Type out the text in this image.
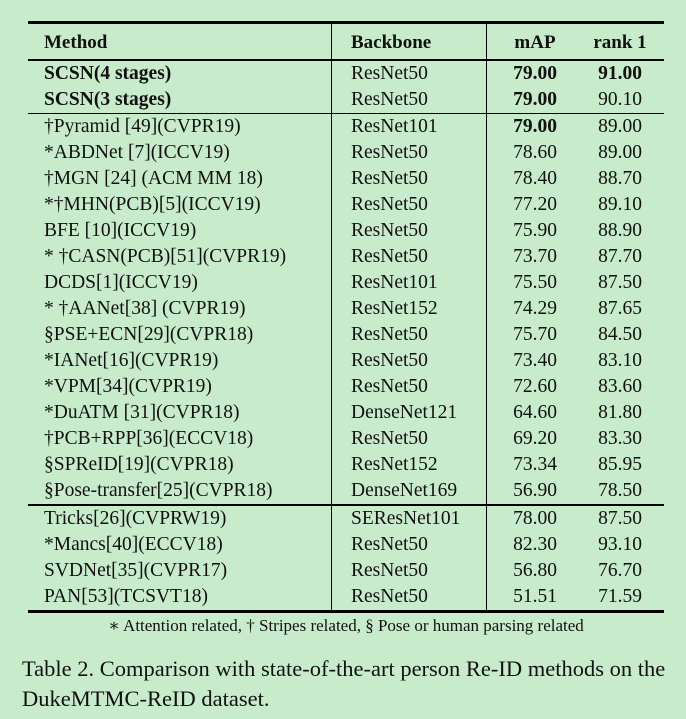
Method	Backbone	mAP	rank 1
SCSN(4 stages)	ResNet50	79.00	91.00
SCSN(3 stages)	ResNet50	79.00	90.10
†Pyramid [49](CVPR19)	ResNet101	79.00	89.00
*ABDNet [7](ICCV19)	ResNet50	78.60	89.00
†MGN [24] (ACM MM 18)	ResNet50	78.40	88.70
*†MHN(PCB)[5](ICCV19)	ResNet50	77.20	89.10
BFE [10](ICCV19)	ResNet50	75.90	88.90
* †CASN(PCB)[51](CVPR19)	ResNet50	73.70	87.70
DCDS[1](ICCV19)	ResNet101	75.50	87.50
* †AANet[38] (CVPR19)	ResNet152	74.29	87.65
§PSE+ECN[29](CVPR18)	ResNet50	75.70	84.50
*IANet[16](CVPR19)	ResNet50	73.40	83.10
*VPM[34](CVPR19)	ResNet50	72.60	83.60
*DuATM [31](CVPR18)	DenseNet121	64.60	81.80
†PCB+RPP[36](ECCV18)	ResNet50	69.20	83.30
§SPReID[19](CVPR18)	ResNet152	73.34	85.95
§Pose-transfer[25](CVPR18)	DenseNet169	56.90	78.50
Tricks[26](CVPRW19)	SEResNet101	78.00	87.50
*Mancs[40](ECCV18)	ResNet50	82.30	93.10
SVDNet[35](CVPR17)	ResNet50	56.80	76.70
PAN[53](TCSVT18)	ResNet50	51.51	71.59
∗ Attention related, † Stripes related, § Pose or human parsing related
Table 2. Comparison with state-of-the-art person Re-ID methods on the DukeMTMC-ReID dataset.
